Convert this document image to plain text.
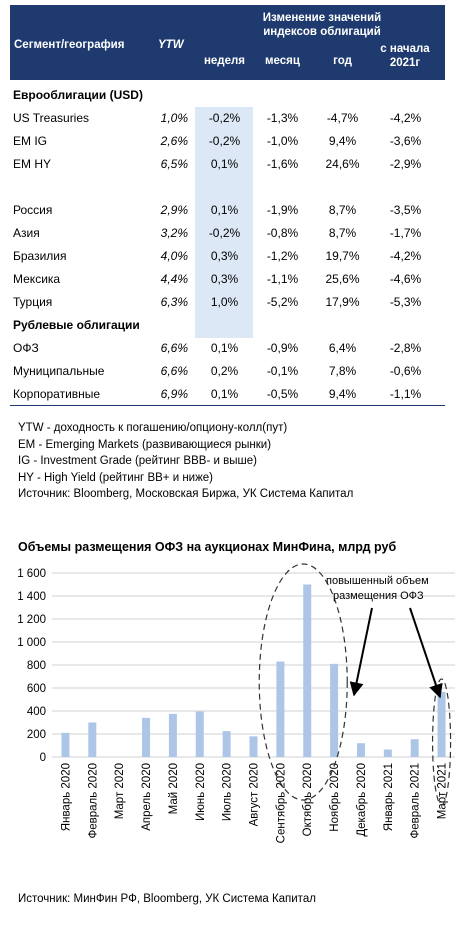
Сегмент/география	YTW
Изменение значений индексов облигаций
неделя	месяц	год
с начала 2021г
Еврооблигации (USD)
US Treasuries	1,0%	-0,2%	-1,3%	-4,7%	-4,2%
EM IG	2,6%	-0,2%	-1,0%	9,4%	-3,6%
EM HY	6,5%	0,1%	-1,6%	24,6%	-2,9%
Россия	2,9%	0,1%	-1,9%	8,7%	-3,5%
Азия	3,2%	-0,2%	-0,8%	8,7%	-1,7%
Бразилия	4,0%	0,3%	-1,2%	19,7%	-4,2%
Мексика	4,4%	0,3%	-1,1%	25,6%	-4,6%
Турция	6,3%	1,0%	-5,2%	17,9%	-5,3%
Рублевые облигации
ОФЗ	6,6%	0,1%	-0,9%	6,4%	-2,8%
Муниципальные	6,6%	0,2%	-0,1%	7,8%	-0,6%
Корпоративные	6,9%	0,1%	-0,5%	9,4%	-1,1%
YTW - доходность к погашению/опциону-колл(пут)
EM - Emerging Markets (развивающиеся рынки)
IG - Investment Grade (рейтинг BBB- и выше)
HY - High Yield (рейтинг BB+ и ниже)
Источник: Bloomberg, Московская Биржа, УК Система Капитал
Объемы размещения ОФЗ на аукционах МинФина, млрд руб
0
200
400
600
800
1 000
1 200
1 400
1 600
Январь 2020 Февраль 2020 Март 2020 Апрель 2020 Май 2020 Июнь 2020 Июль 2020 Август 2020 Сентябрь 2020 Октябрь 2020 Ноябрь 2020 Декабрь 2020 Январь 2021 Февраль 2021 Март 2021
повышенный объем размещения ОФЗ
Источник: МинФин РФ, Bloomberg, УК Система Капитал
